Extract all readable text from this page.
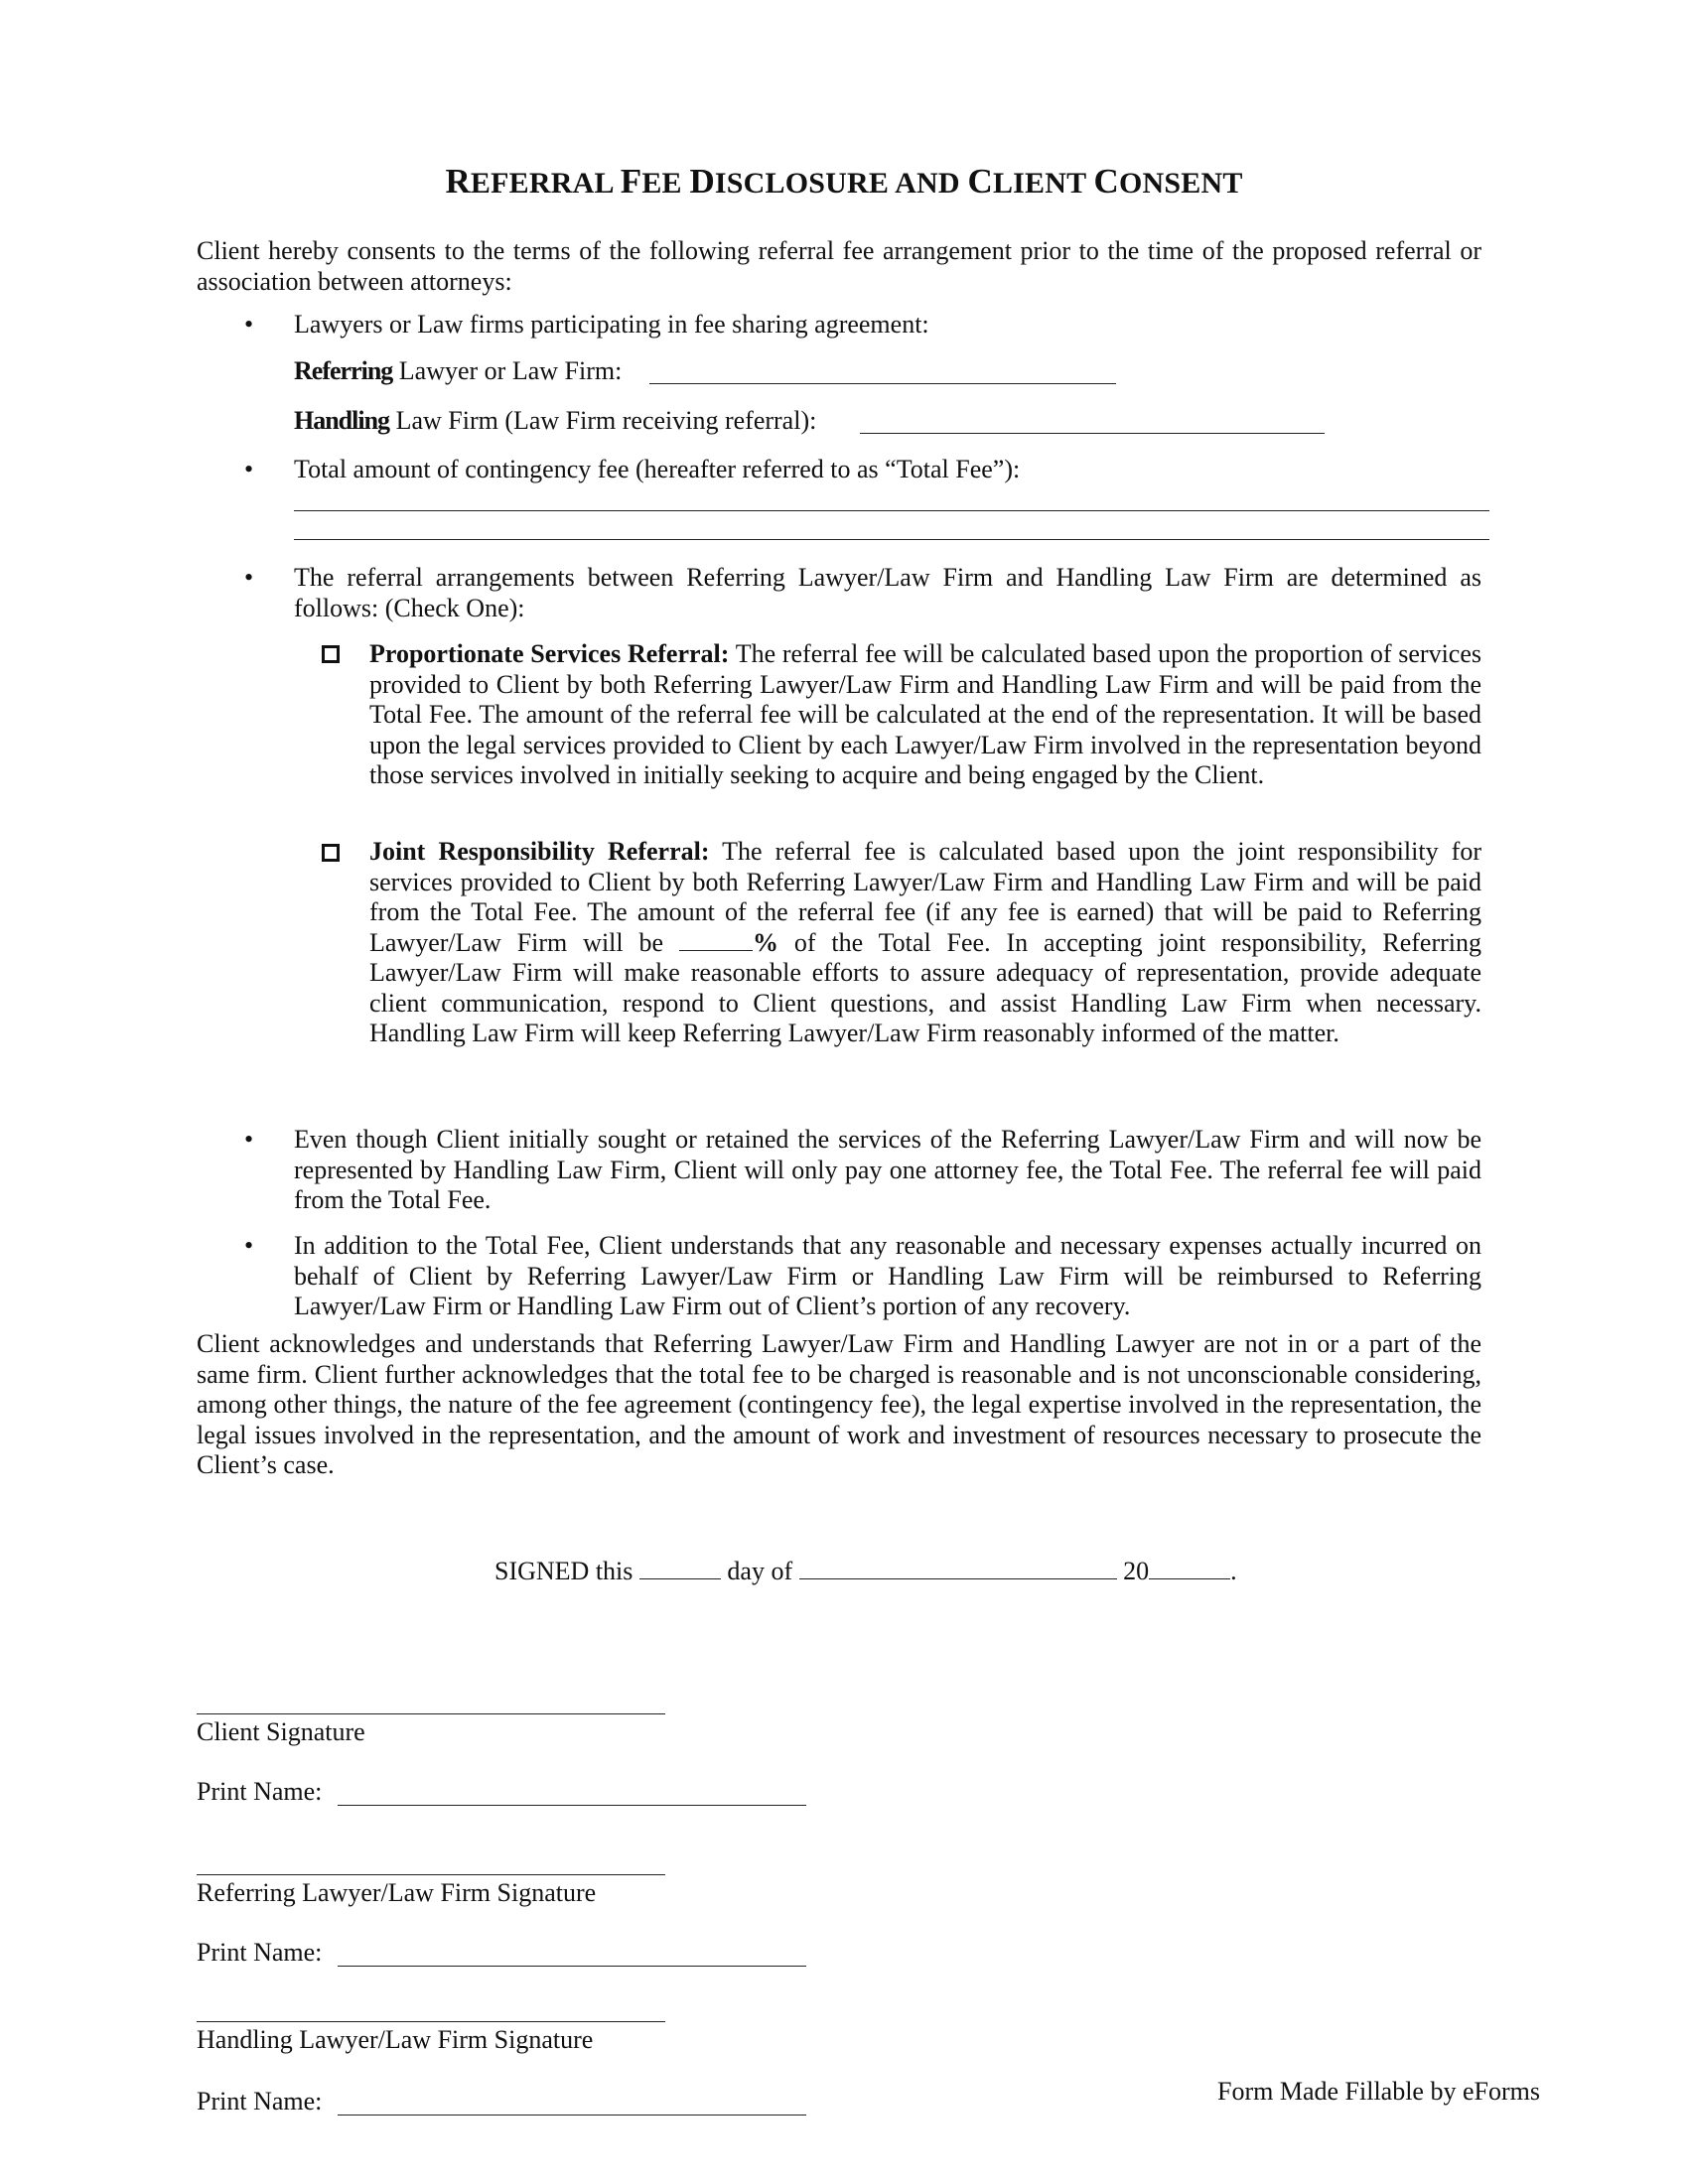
REFERRAL FEE DISCLOSURE AND CLIENT CONSENT
Client hereby consents to the terms of the following referral fee arrangement prior to the time of the proposed referral or association between attorneys:
• Lawyers or Law firms participating in fee sharing agreement:
Referring Lawyer or Law Firm:
Handling Law Firm (Law Firm receiving referral):
• Total amount of contingency fee (hereafter referred to as “Total Fee”):
• The referral arrangements between Referring Lawyer/Law Firm and Handling Law Firm are determined as follows: (Check One):
Proportionate Services Referral: The referral fee will be calculated based upon the proportion of services provided to Client by both Referring Lawyer/Law Firm and Handling Law Firm and will be paid from the Total Fee. The amount of the referral fee will be calculated at the end of the representation. It will be based upon the legal services provided to Client by each Lawyer/Law Firm involved in the representation beyond those services involved in initially seeking to acquire and being engaged by the Client.
Joint Responsibility Referral: The referral fee is calculated based upon the joint responsibility for services provided to Client by both Referring Lawyer/Law Firm and Handling Law Firm and will be paid from the Total Fee. The amount of the referral fee (if any fee is earned) that will be paid to Referring Lawyer/Law Firm will be	% of the Total Fee. In accepting joint responsibility, Referring Lawyer/Law Firm will make reasonable efforts to assure adequacy of representation, provide adequate client communication, respond to Client questions, and assist Handling Law Firm when necessary. Handling Law Firm will keep Referring Lawyer/Law Firm reasonably informed of the matter.
• Even though Client initially sought or retained the services of the Referring Lawyer/Law Firm and will now be represented by Handling Law Firm, Client will only pay one attorney fee, the Total Fee. The referral fee will paid from the Total Fee.
• In addition to the Total Fee, Client understands that any reasonable and necessary expenses actually incurred on behalf of Client by Referring Lawyer/Law Firm or Handling Law Firm will be reimbursed to Referring Lawyer/Law Firm or Handling Law Firm out of Client’s portion of any recovery.
Client acknowledges and understands that Referring Lawyer/Law Firm and Handling Lawyer are not in or a part of the same firm. Client further acknowledges that the total fee to be charged is reasonable and is not unconscionable considering, among other things, the nature of the fee agreement (contingency fee), the legal expertise involved in the representation, the legal issues involved in the representation, and the amount of work and investment of resources necessary to prosecute the Client’s case.
SIGNED this	day of	20	.
Client Signature
Print Name:
Referring Lawyer/Law Firm Signature
Print Name:
Handling Lawyer/Law Firm Signature
Print Name:	Form Made Fillable by eForms
